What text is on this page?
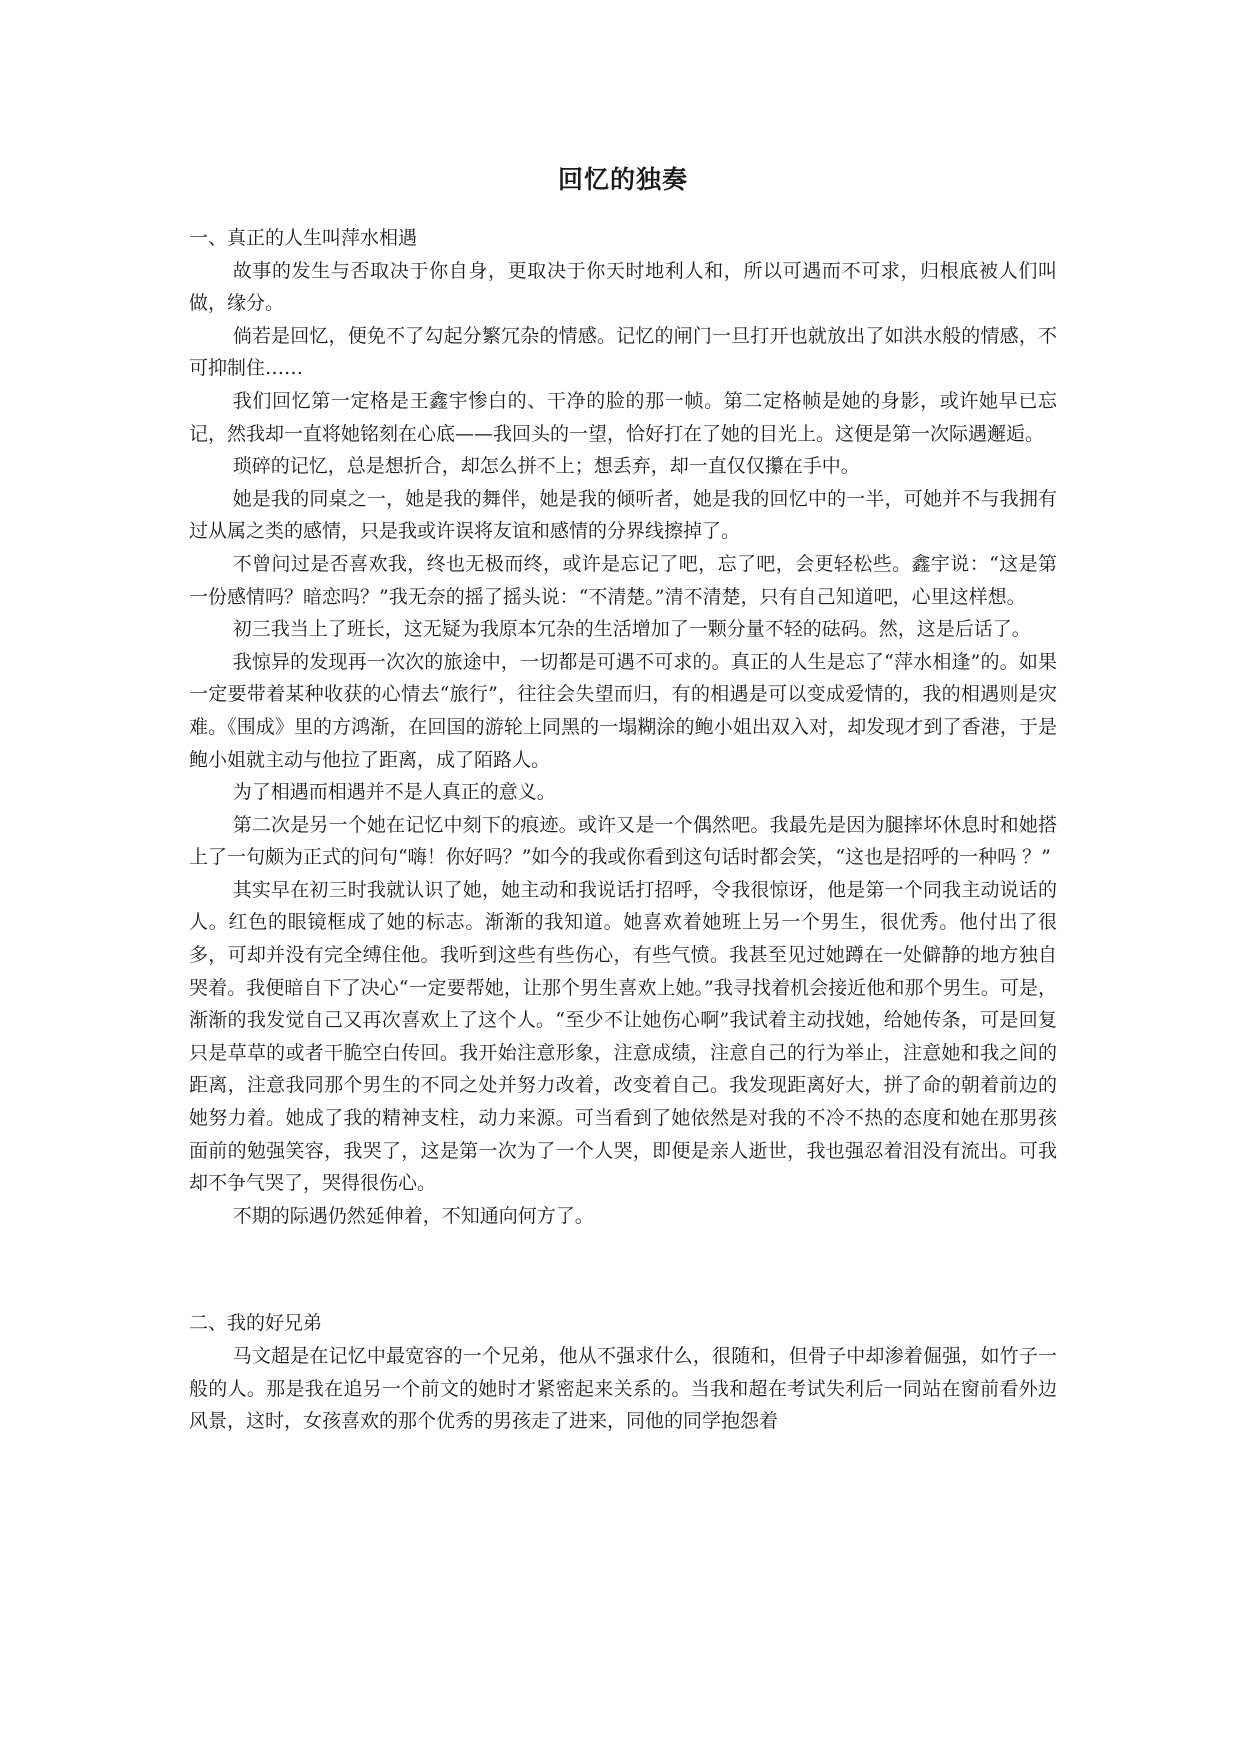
回忆的独奏

一、真正的人生叫萍水相遇

故事的发生与否取决于你自身，更取决于你天时地利人和，所以可遇而不可求，归根底被人们叫做，缘分。

倘若是回忆，便免不了勾起分繁冗杂的情感。记忆的闸门一旦打开也就放出了如洪水般的情感，不可抑制住……

我们回忆第一定格是王鑫宇惨白的、干净的脸的那一帧。第二定格帧是她的身影，或许她早已忘记，然我却一直将她铭刻在心底——我回头的一望，恰好打在了她的目光上。这便是第一次际遇邂逅。

琐碎的记忆，总是想折合，却怎么拼不上；想丢弃，却一直仅仅攥在手中。

她是我的同桌之一，她是我的舞伴，她是我的倾听者，她是我的回忆中的一半，可她并不与我拥有过从属之类的感情，只是我或许误将友谊和感情的分界线擦掉了。

不曾问过是否喜欢我，终也无极而终，或许是忘记了吧，忘了吧，会更轻松些。鑫宇说：“这是第一份感情吗？暗恋吗？”我无奈的摇了摇头说：“不清楚。”清不清楚，只有自己知道吧，心里这样想。

初三我当上了班长，这无疑为我原本冗杂的生活增加了一颗分量不轻的砝码。然，这是后话了。

我惊异的发现再一次次的旅途中，一切都是可遇不可求的。真正的人生是忘了“萍水相逢”的。如果一定要带着某种收获的心情去“旅行”，往往会失望而归，有的相遇是可以变成爱情的，我的相遇则是灾难。《围成》里的方鸿渐，在回国的游轮上同黑的一塌糊涂的鲍小姐出双入对，却发现才到了香港，于是鲍小姐就主动与他拉了距离，成了陌路人。

为了相遇而相遇并不是人真正的意义。

第二次是另一个她在记忆中刻下的痕迹。或许又是一个偶然吧。我最先是因为腿摔坏休息时和她搭上了一句颇为正式的问句“嗨！你好吗？”如今的我或你看到这句话时都会笑，“这也是招呼的一种吗 ？”

其实早在初三时我就认识了她，她主动和我说话打招呼，令我很惊讶，他是第一个同我主动说话的人。红色的眼镜框成了她的标志。渐渐的我知道。她喜欢着她班上另一个男生，很优秀。他付出了很多，可却并没有完全缚住他。我听到这些有些伤心，有些气愤。我甚至见过她蹲在一处僻静的地方独自哭着。我便暗自下了决心“一定要帮她，让那个男生喜欢上她。”我寻找着机会接近他和那个男生。可是，渐渐的我发觉自己又再次喜欢上了这个人。“至少不让她伤心啊”我试着主动找她，给她传条，可是回复只是草草的或者干脆空白传回。我开始注意形象，注意成绩，注意自己的行为举止，注意她和我之间的距离，注意我同那个男生的不同之处并努力改着，改变着自己。我发现距离好大，拼了命的朝着前边的她努力着。她成了我的精神支柱，动力来源。可当看到了她依然是对我的不冷不热的态度和她在那男孩面前的勉强笑容，我哭了，这是第一次为了一个人哭，即便是亲人逝世，我也强忍着泪没有流出。可我却不争气哭了，哭得很伤心。

不期的际遇仍然延伸着，不知通向何方了。

二、我的好兄弟

马文超是在记忆中最宽容的一个兄弟，他从不强求什么，很随和，但骨子中却渗着倔强，如竹子一般的人。那是我在追另一个前文的她时才紧密起来关系的。当我和超在考试失利后一同站在窗前看外边风景，这时，女孩喜欢的那个优秀的男孩走了进来，同他的同学抱怨着
